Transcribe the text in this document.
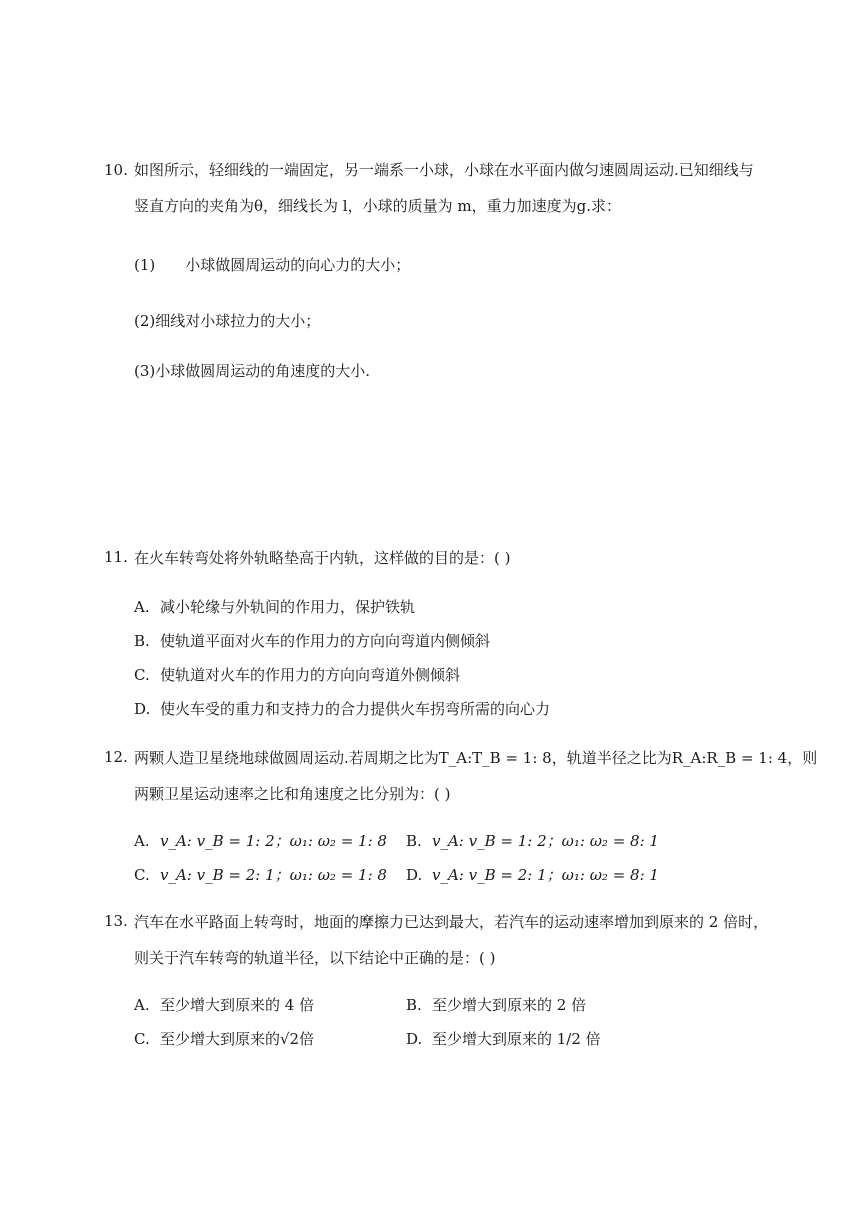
10. 如图所示，轻细线的一端固定，另一端系一小球，小球在水平面内做匀速圆周运动.已知细线与
竖直方向的夹角为θ，细线长为 l，小球的质量为 m，重力加速度为g.求：
(1) 小球做圆周运动的向心力的大小；
(2)细线对小球拉力的大小；
(3)小球做圆周运动的角速度的大小.
11. 在火车转弯处将外轨略垫高于内轨，这样做的目的是：( )
A. 减小轮缘与外轨间的作用力，保护铁轨
B. 使轨道平面对火车的作用力的方向向弯道内侧倾斜
C. 使轨道对火车的作用力的方向向弯道外侧倾斜
D. 使火车受的重力和支持力的合力提供火车拐弯所需的向心力
12. 两颗人造卫星绕地球做圆周运动.若周期之比为T_A:T_B = 1: 8，轨道半径之比为R_A:R_B = 1: 4，则
两颗卫星运动速率之比和角速度之比分别为：( )
A. v_A: v_B = 1: 2；ω₁: ω₂ = 1: 8 B. v_A: v_B = 1: 2；ω₁: ω₂ = 8: 1
C. v_A: v_B = 2: 1；ω₁: ω₂ = 1: 8 D. v_A: v_B = 2: 1；ω₁: ω₂ = 8: 1
13. 汽车在水平路面上转弯时，地面的摩擦力已达到最大，若汽车的运动速率增加到原来的 2 倍时，
则关于汽车转弯的轨道半径，以下结论中正确的是：( )
A. 至少增大到原来的 4 倍	B. 至少增大到原来的 2 倍
C. 至少增大到原来的√2倍	D. 至少增大到原来的 1/2 倍
